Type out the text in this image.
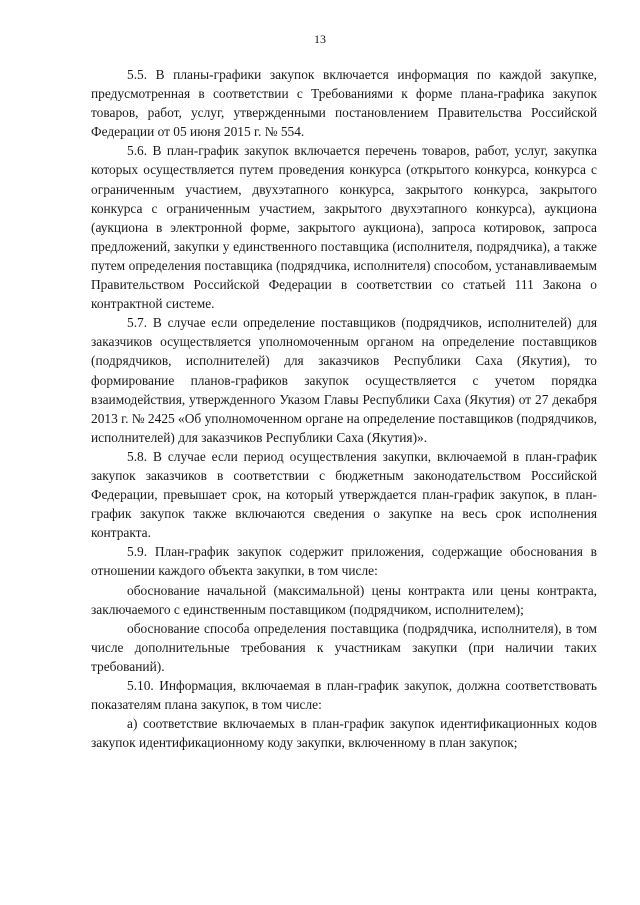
13

5.5. В планы-графики закупок включается информация по каждой закупке, предусмотренная в соответствии с Требованиями к форме плана-графика закупок товаров, работ, услуг, утвержденными постановлением Правительства Российской Федерации от 05 июня 2015 г. № 554.

5.6. В план-график закупок включается перечень товаров, работ, услуг, закупка которых осуществляется путем проведения конкурса (открытого конкурса, конкурса с ограниченным участием, двухэтапного конкурса, закрытого конкурса, закрытого конкурса с ограниченным участием, закрытого двухэтапного конкурса), аукциона (аукциона в электронной форме, закрытого аукциона), запроса котировок, запроса предложений, закупки у единственного поставщика (исполнителя, подрядчика), а также путем определения поставщика (подрядчика, исполнителя) способом, устанавливаемым Правительством Российской Федерации в соответствии со статьей 111 Закона о контрактной системе.

5.7. В случае если определение поставщиков (подрядчиков, исполнителей) для заказчиков осуществляется уполномоченным органом на определение поставщиков (подрядчиков, исполнителей) для заказчиков Республики Саха (Якутия), то формирование планов-графиков закупок осуществляется с учетом порядка взаимодействия, утвержденного Указом Главы Республики Саха (Якутия) от 27 декабря 2013 г. № 2425 «Об уполномоченном органе на определение поставщиков (подрядчиков, исполнителей) для заказчиков Республики Саха (Якутия)».

5.8. В случае если период осуществления закупки, включаемой в план-график закупок заказчиков в соответствии с бюджетным законодательством Российской Федерации, превышает срок, на который утверждается план-график закупок, в план-график закупок также включаются сведения о закупке на весь срок исполнения контракта.

5.9. План-график закупок содержит приложения, содержащие обоснования в отношении каждого объекта закупки, в том числе:

обоснование начальной (максимальной) цены контракта или цены контракта, заключаемого с единственным поставщиком (подрядчиком, исполнителем);

обоснование способа определения поставщика (подрядчика, исполнителя), в том числе дополнительные требования к участникам закупки (при наличии таких требований).

5.10. Информация, включаемая в план-график закупок, должна соответствовать показателям плана закупок, в том числе:

а) соответствие включаемых в план-график закупок идентификационных кодов закупок идентификационному коду закупки, включенному в план закупок;
